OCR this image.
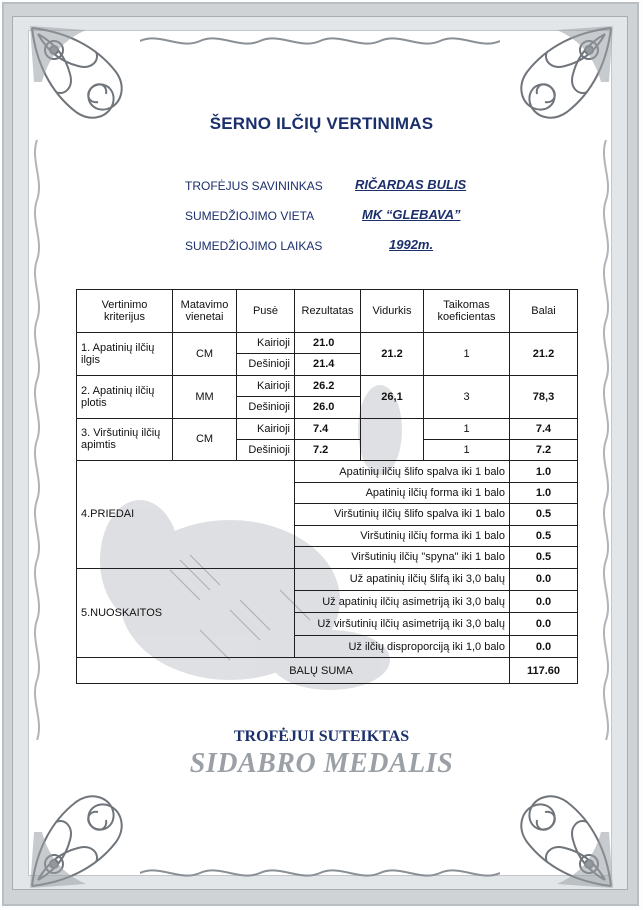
ŠERNO ILČIŲ VERTINIMAS
TROFĖJUS SAVININKAS RIČARDAS BULIS
SUMEDŽIOJIMO VIETA	MK “GLEBAVA”
SUMEDŽIOJIMO LAIKAS	1992m.
Vertinimo kriterijus	Matavimo vienetai	Pusė	Rezultatas	Vidurkis	Taikomas koeficientas	Balai
1. Apatinių ilčių ilgis	CM	Kairioji	21.0	21.2	1	21.2
		Dešinioji	21.4			
2. Apatinių ilčių plotis	MM	Kairioji	26.2	26,1	3	78,3
		Dešinioji	26.0			
3. Viršutinių ilčių apimtis	CM	Kairioji	7.4		1	7.4
		Dešinioji	7.2		1	7.2
4.PRIEDAI			Apatinių ilčių šlifo spalva iki 1 balo			1.0
			Apatinių ilčių forma iki 1 balo			1.0
			Viršutinių ilčių šlifo spalva iki 1 balo			0.5
			Viršutinių ilčių forma iki 1 balo			0.5
			Viršutinių ilčių "spyna" iki 1 balo			0.5
5.NUOSKAITOS			Už apatinių ilčių šlifą iki 3,0 balų			0.0
			Už apatinių ilčių asimetriją iki 3,0 balų			0.0
			Už viršutinių ilčių asimetriją iki 3,0 balų			0.0
			Už ilčių disproporciją iki 1,0 balo			0.0
BALŲ SUMA						117.60
TROFĖJUI SUTEIKTAS
SIDABRO MEDALIS
